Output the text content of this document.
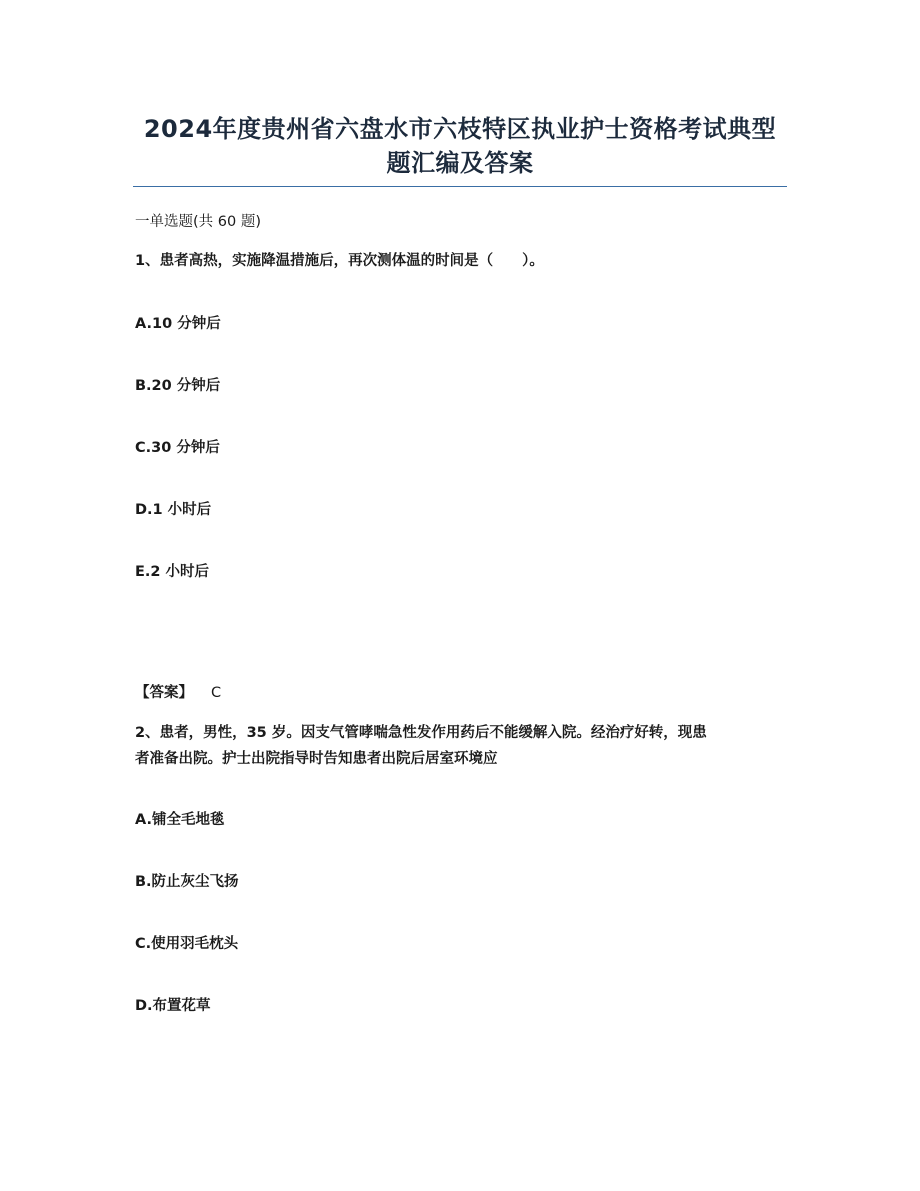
2024年度贵州省六盘水市六枝特区执业护士资格考试典型
题汇编及答案
一单选题(共 60 题)
1、患者高热，实施降温措施后，再次测体温的时间是（　　）。
A.10 分钟后
B.20 分钟后
C.30 分钟后
D.1 小时后
E.2 小时后
【答案】 C
2、患者，男性，35 岁。因支气管哮喘急性发作用药后不能缓解入院。经治疗好转，现患
者准备出院。护士出院指导时告知患者出院后居室环境应
A.铺全毛地毯
B.防止灰尘飞扬
C.使用羽毛枕头
D.布置花草
